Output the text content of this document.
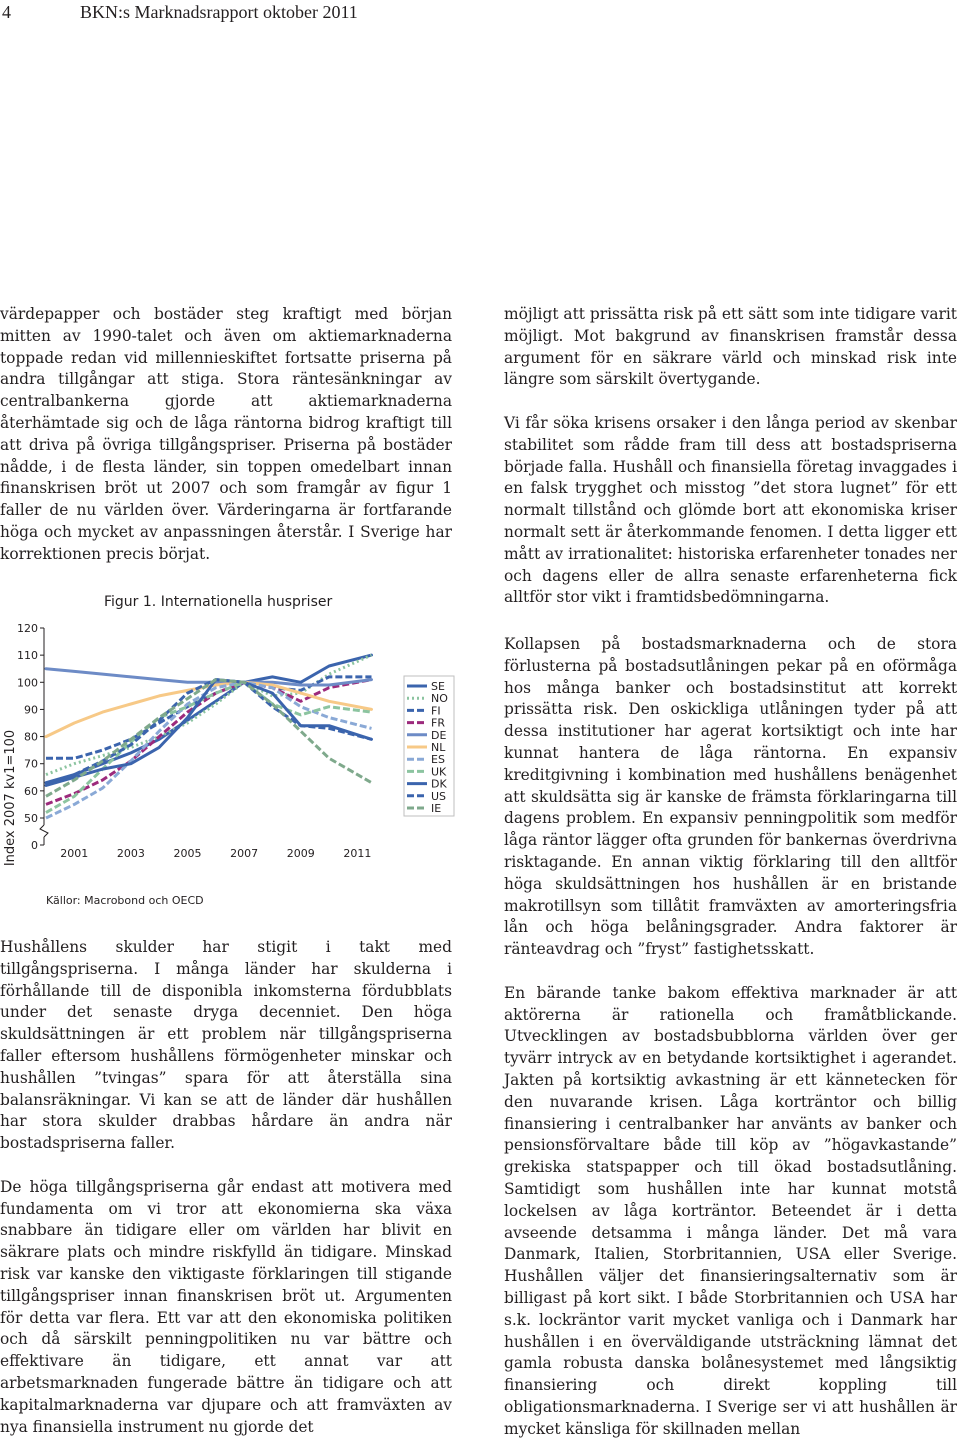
4	BKN:s Marknadsrapport oktober 2011

värdepapper och bostäder steg kraftigt med början mitten av 1990-talet och även om aktiemarknaderna toppade redan vid millennieskiftet fortsatte priserna på andra tillgångar att stiga. Stora räntesänkningar av centralbankerna gjorde att aktiemarknaderna återhämtade sig och de låga räntorna bidrog kraftigt till att driva på övriga tillgångspriser. Priserna på bostäder nådde, i de flesta länder, sin toppen omedelbart innan finanskrisen bröt ut 2007 och som framgår av figur 1 faller de nu världen över. Värderingarna är fortfarande höga och mycket av anpassningen återstår. I Sverige har korrektionen precis börjat.

Figur 1. Internationella huspriser
Index 2007 kv1=100
Källor: Macrobond och OECD
0
50
60
70
80
90
100
110
120
2001	2003	2005	2007	2009	2011
SE
NO
FI
FR
DE
NL
ES
UK
DK
US
IE

Hushållens skulder har stigit i takt med tillgångspriserna. I många länder har skulderna i förhållande till de disponibla inkomsterna fördubblats under det senaste dryga decenniet. Den höga skuldsättningen är ett problem när tillgångspriserna faller eftersom hushållens förmögenheter minskar och hushållen ”tvingas” spara för att återställa sina balansräkningar. Vi kan se att de länder där hushållen har stora skulder drabbas hårdare än andra när bostadspriserna faller.

De höga tillgångspriserna går endast att motivera med fundamenta om vi tror att ekonomierna ska växa snabbare än tidigare eller om världen har blivit en säkrare plats och mindre riskfylld än tidigare. Minskad risk var kanske den viktigaste förklaringen till stigande tillgångspriser innan finanskrisen bröt ut. Argumenten för detta var flera. Ett var att den ekonomiska politiken och då särskilt penningpolitiken nu var bättre och effektivare än tidigare, ett annat var att arbetsmarknaden fungerade bättre än tidigare och att kapitalmarknaderna var djupare och att framväxten av nya finansiella instrument nu gjorde det

möjligt att prissätta risk på ett sätt som inte tidigare varit möjligt. Mot bakgrund av finanskrisen framstår dessa argument för en säkrare värld och minskad risk inte längre som särskilt övertygande.

Vi får söka krisens orsaker i den långa period av skenbar stabilitet som rådde fram till dess att bostadspriserna började falla. Hushåll och finansiella företag invaggades i en falsk trygghet och misstog ”det stora lugnet” för ett normalt tillstånd och glömde bort att ekonomiska kriser normalt sett är återkommande fenomen. I detta ligger ett mått av irrationalitet: historiska erfarenheter tonades ner och dagens eller de allra senaste erfarenheterna fick alltför stor vikt i framtidsbedömningarna.

Kollapsen på bostadsmarknaderna och de stora förlusterna på bostadsutlåningen pekar på en oförmåga hos många banker och bostadsinstitut att korrekt prissätta risk. Den oskickliga utlåningen tyder på att dessa institutioner har agerat kortsiktigt och inte har kunnat hantera de låga räntorna. En expansiv kreditgivning i kombination med hushållens benägenhet att skuldsätta sig är kanske de främsta förklaringarna till dagens problem. En expansiv penningpolitik som medför låga räntor lägger ofta grunden för bankernas överdrivna risktagande. En annan viktig förklaring till den alltför höga skuldsättningen hos hushållen är en bristande makrotillsyn som tillåtit framväxten av amorteringsfria lån och höga belåningsgrader. Andra faktorer är ränteavdrag och ”fryst” fastighetsskatt.

En bärande tanke bakom effektiva marknader är att aktörerna är rationella och framåtblickande. Utvecklingen av bostadsbubblorna världen över ger tyvärr intryck av en betydande kortsiktighet i agerandet. Jakten på kortsiktig avkastning är ett kännetecken för den nuvarande krisen. Låga korträntor och billig finansiering i centralbanker har använts av banker och pensionsförvaltare både till köp av ”högavkastande” grekiska statspapper och till ökad bostadsutlåning. Samtidigt som hushållen inte har kunnat motstå lockelsen av låga korträntor. Beteendet är i detta avseende detsamma i många länder. Det må vara Danmark, Italien, Storbritannien, USA eller Sverige. Hushållen väljer det finansieringsalternativ som är billigast på kort sikt. I både Storbritannien och USA har s.k. lockräntor varit mycket vanliga och i Danmark har hushållen i en överväldigande utsträckning lämnat det gamla robusta danska bolånesystemet med långsiktig finansiering och direkt koppling till obligationsmarknaderna. I Sverige ser vi att hushållen är mycket känsliga för skillnaden mellan
